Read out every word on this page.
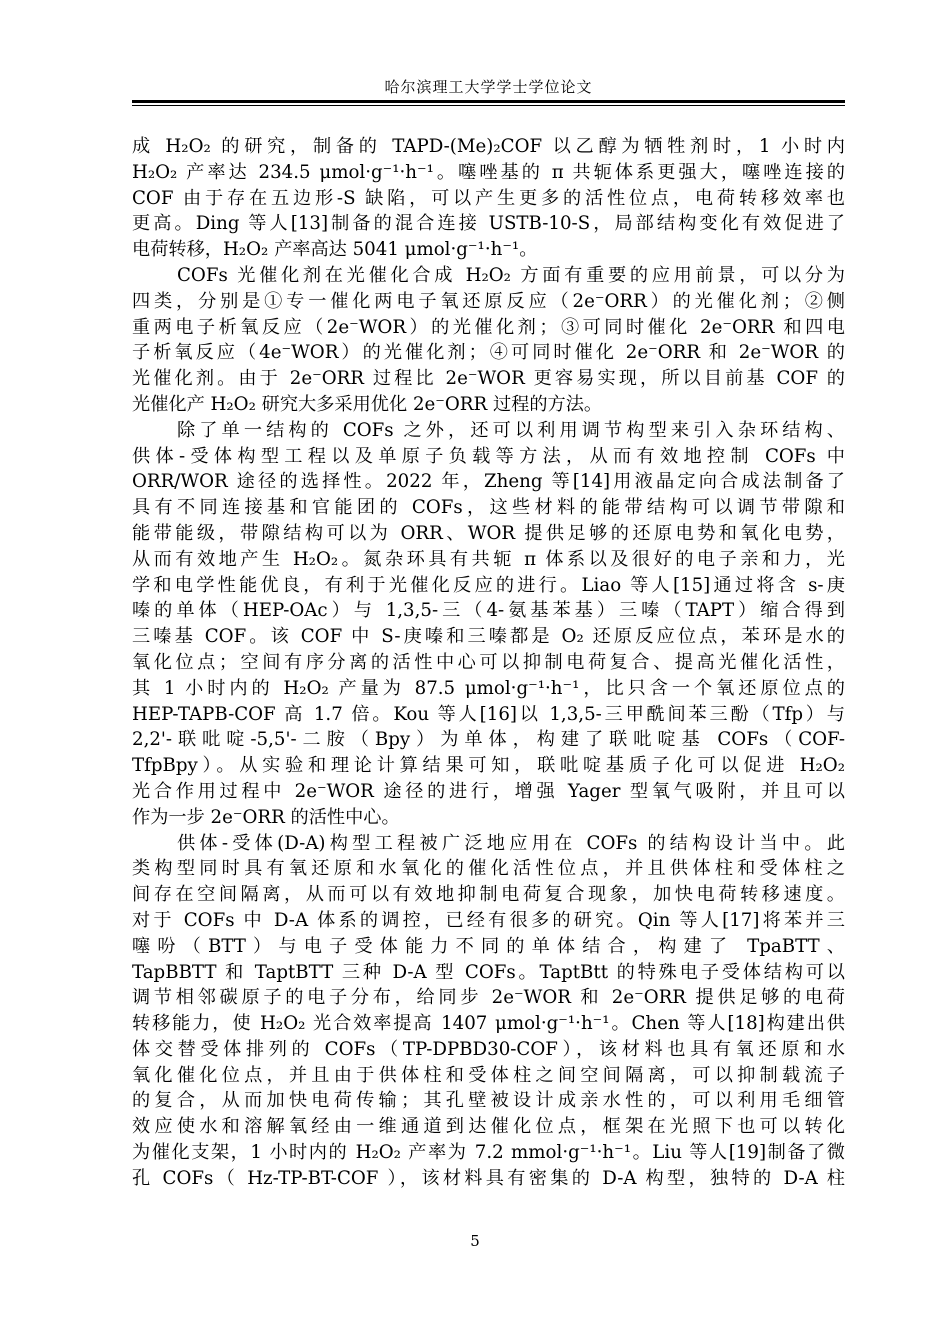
哈尔滨理工大学学士学位论文
成 H₂O₂ 的研究，制备的 TAPD-(Me)₂COF 以乙醇为牺牲剂时，1 小时内
H₂O₂ 产率达 234.5 μmol·g⁻¹·h⁻¹。噻唑基的 π 共轭体系更强大，噻唑连接的
COF 由于存在五边形-S 缺陷，可以产生更多的活性位点，电荷转移效率也
更高。Ding 等人[13]制备的混合连接 USTB-10-S，局部结构变化有效促进了
电荷转移，H₂O₂ 产率高达 5041 μmol·g⁻¹·h⁻¹。
COFs 光催化剂在光催化合成 H₂O₂ 方面有重要的应用前景，可以分为
四类，分别是①专一催化两电子氧还原反应（2e⁻ORR）的光催化剂；②侧
重两电子析氧反应（2e⁻WOR）的光催化剂；③可同时催化 2e⁻ORR 和四电
子析氧反应（4e⁻WOR）的光催化剂；④可同时催化 2e⁻ORR 和 2e⁻WOR 的
光催化剂。由于 2e⁻ORR 过程比 2e⁻WOR 更容易实现，所以目前基 COF 的
光催化产 H₂O₂ 研究大多采用优化 2e⁻ORR 过程的方法。
除了单一结构的 COFs 之外，还可以利用调节构型来引入杂环结构、
供体-受体构型工程以及单原子负载等方法，从而有效地控制 COFs 中
ORR/WOR 途径的选择性。2022 年，Zheng 等[14]用液晶定向合成法制备了
具有不同连接基和官能团的 COFs，这些材料的能带结构可以调节带隙和
能带能级，带隙结构可以为 ORR、WOR 提供足够的还原电势和氧化电势，
从而有效地产生 H₂O₂。氮杂环具有共轭 π 体系以及很好的电子亲和力，光
学和电学性能优良，有利于光催化反应的进行。Liao 等人[15]通过将含 s-庚
嗪的单体（HEP-OAc）与 1,3,5-三（4-氨基苯基）三嗪（TAPT）缩合得到
三嗪基 COF。该 COF 中 S-庚嗪和三嗪都是 O₂ 还原反应位点，苯环是水的
氧化位点；空间有序分离的活性中心可以抑制电荷复合、提高光催化活性，
其 1 小时内的 H₂O₂ 产量为 87.5 μmol·g⁻¹·h⁻¹，比只含一个氧还原位点的
HEP-TAPB-COF 高 1.7 倍。Kou 等人[16]以 1,3,5-三甲酰间苯三酚（Tfp）与
2,2'-联吡啶-5,5'-二胺（Bpy）为单体，构建了联吡啶基 COFs（COF-
TfpBpy）。从实验和理论计算结果可知，联吡啶基质子化可以促进 H₂O₂
光合作用过程中 2e⁻WOR 途径的进行，增强 Yager 型氧气吸附，并且可以
作为一步 2e⁻ORR 的活性中心。
供体-受体(D-A)构型工程被广泛地应用在 COFs 的结构设计当中。此
类构型同时具有氧还原和水氧化的催化活性位点，并且供体柱和受体柱之
间存在空间隔离，从而可以有效地抑制电荷复合现象，加快电荷转移速度。
对于 COFs 中 D-A 体系的调控，已经有很多的研究。Qin 等人[17]将苯并三
噻吩（BTT）与电子受体能力不同的单体结合，构建了 TpaBTT、
TapBBTT 和 TaptBTT 三种 D-A 型 COFs。TaptBtt 的特殊电子受体结构可以
调节相邻碳原子的电子分布，给同步 2e⁻WOR 和 2e⁻ORR 提供足够的电荷
转移能力，使 H₂O₂ 光合效率提高 1407 μmol·g⁻¹·h⁻¹。Chen 等人[18]构建出供
体交替受体排列的 COFs（TP-DPBD30-COF），该材料也具有氧还原和水
氧化催化位点，并且由于供体柱和受体柱之间空间隔离，可以抑制载流子
的复合，从而加快电荷传输；其孔壁被设计成亲水性的，可以利用毛细管
效应使水和溶解氧经由一维通道到达催化位点，框架在光照下也可以转化
为催化支架，1 小时内的 H₂O₂ 产率为 7.2 mmol·g⁻¹·h⁻¹。Liu 等人[19]制备了微
孔 COFs（ Hz-TP-BT-COF ），该材料具有密集的 D-A 构型，独特的 D-A 柱
5
